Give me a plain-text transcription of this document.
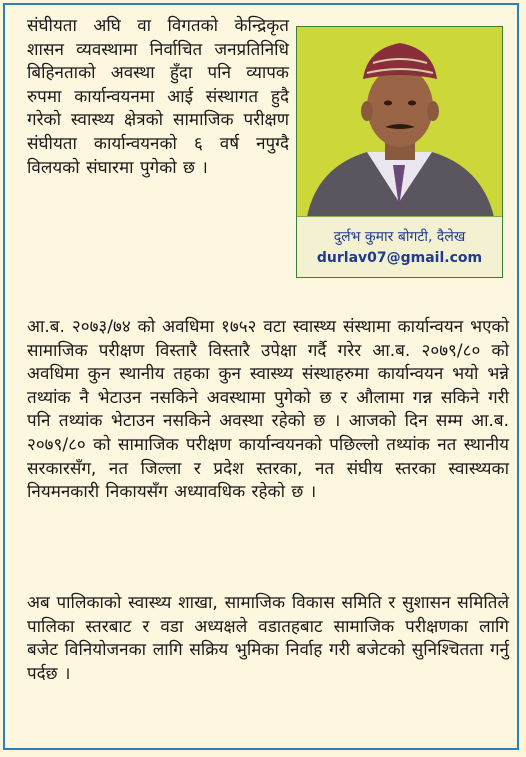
संघीयता अघि वा विगतको केन्द्रिकृत शासन व्यवस्थामा निर्वाचित जनप्रतिनिधि बिहिनताको अवस्था हुँदा पनि व्यापक रुपमा कार्यान्वयनमा आई संस्थागत हुदै गरेको स्वास्थ्य क्षेत्रको सामाजिक परीक्षण संघीयता कार्यान्वयनको ६ वर्ष नपुग्दै विलयको संघारमा पुगेको छ ।
दुर्लभ कुमार बोगटी, दैलेख
durlav07@gmail.com
आ.ब. २०७३/७४ को अवधिमा १७५२ वटा स्वास्थ्य संस्थामा कार्यान्वयन भएको सामाजिक परीक्षण विस्तारै विस्तारै उपेक्षा गर्दै गरेर आ.ब. २०७९/८० को अवधिमा कुन स्थानीय तहका कुन स्वास्थ्य संस्थाहरुमा कार्यान्वयन भयो भन्ने तथ्यांक नै भेटाउन नसकिने अवस्थामा पुगेको छ र औलामा गन्न सकिने गरी पनि तथ्यांक भेटाउन नसकिने अवस्था रहेको छ । आजको दिन सम्म आ.ब. २०७९/८० को सामाजिक परीक्षण कार्यान्वयनको पछिल्लो तथ्यांक नत स्थानीय सरकारसँग, नत जिल्ला र प्रदेश स्तरका, नत संघीय स्तरका स्वास्थ्यका नियमनकारी निकायसँग अध्यावधिक रहेको छ ।
अब पालिकाको स्वास्थ्य शाखा, सामाजिक विकास समिति र सुशासन समितिले पालिका स्तरबाट र वडा अध्यक्षले वडातहबाट सामाजिक परीक्षणका लागि बजेट विनियोजनका लागि सक्रिय भुमिका निर्वाह गरी बजेटको सुनिश्चितता गर्नु पर्दछ ।
